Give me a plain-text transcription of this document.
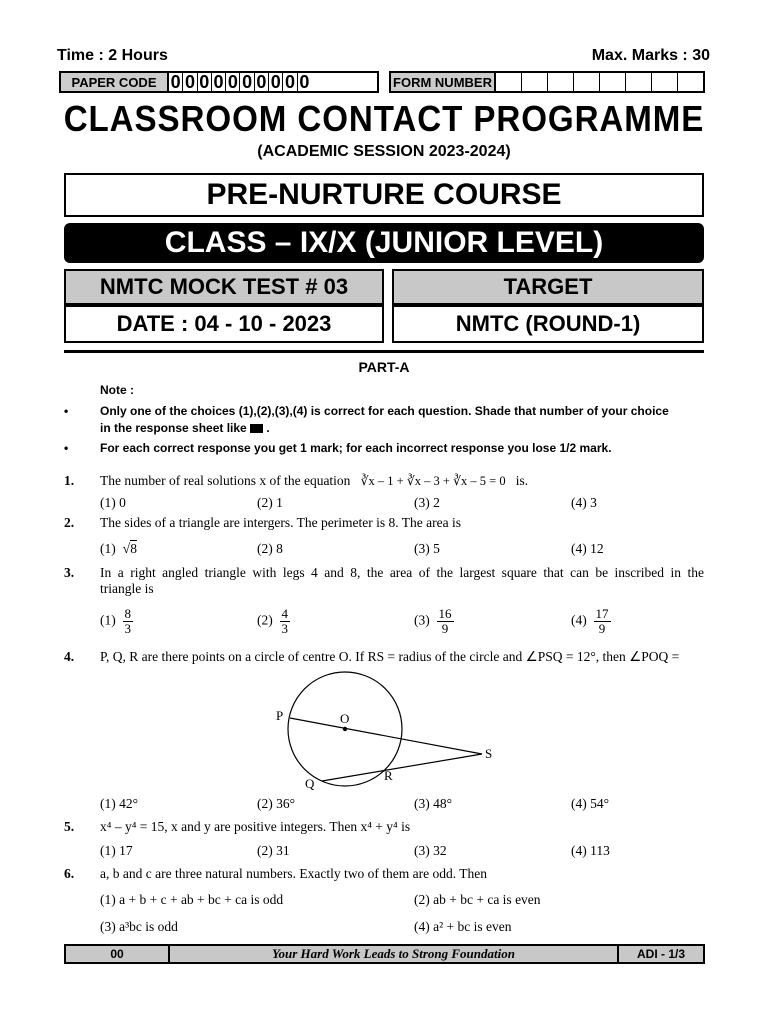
Time : 2 Hours	Max. Marks : 30
PAPER CODE 0 0 0 0 0 0 0 0 0 0	FORM NUMBER
CLASSROOM CONTACT PROGRAMME
(ACADEMIC SESSION 2023-2024)
PRE-NURTURE COURSE
CLASS – IX/X (JUNIOR LEVEL)
NMTC MOCK TEST # 03	TARGET
DATE : 04 - 10 - 2023	NMTC (ROUND-1)
PART-A
Note :
•	Only one of the choices (1),(2),(3),(4) is correct for each question. Shade that number of your choice
in the response sheet like  .
•	For each correct response you get 1 mark; for each incorrect response you lose 1/2 mark.
1. The number of real solutions x of the equation ∛x – 1 + ∛x – 3 + ∛x – 5 = 0 is.
(1) 0	(2) 1	(3) 2	(4) 3
2. The sides of a triangle are intergers. The perimeter is 8. The area is
(1) √8	(2) 8	(3) 5	(4) 12
3. In a right angled triangle with legs 4 and 8, the area of the largest square that can be inscribed in the
triangle is
$(1) \frac{8}{3}$	$(2) \frac{4}{3}$	$(3) \frac{16}{9}$	$(4) \frac{17}{9}$
4. P, Q, R are there points on a circle of centre O. If RS = radius of the circle and ∠PSQ = 12°, then ∠POQ =
P	O
S
Q
R
(1) 42°	(2) 36°	(3) 48°	(4) 54°
5. x⁴ – y⁴ = 15, x and y are positive integers. Then x⁴ + y⁴ is
(1) 17	(2) 31	(3) 32	(4) 113
6. a, b and c are three natural numbers. Exactly two of them are odd. Then
(1) a + b + c + ab + bc + ca is odd	(2) ab + bc + ca is even
(3) a³bc is odd	(4) a² + bc is even
00	Your Hard Work Leads to Strong Foundation	ADI - 1/3
